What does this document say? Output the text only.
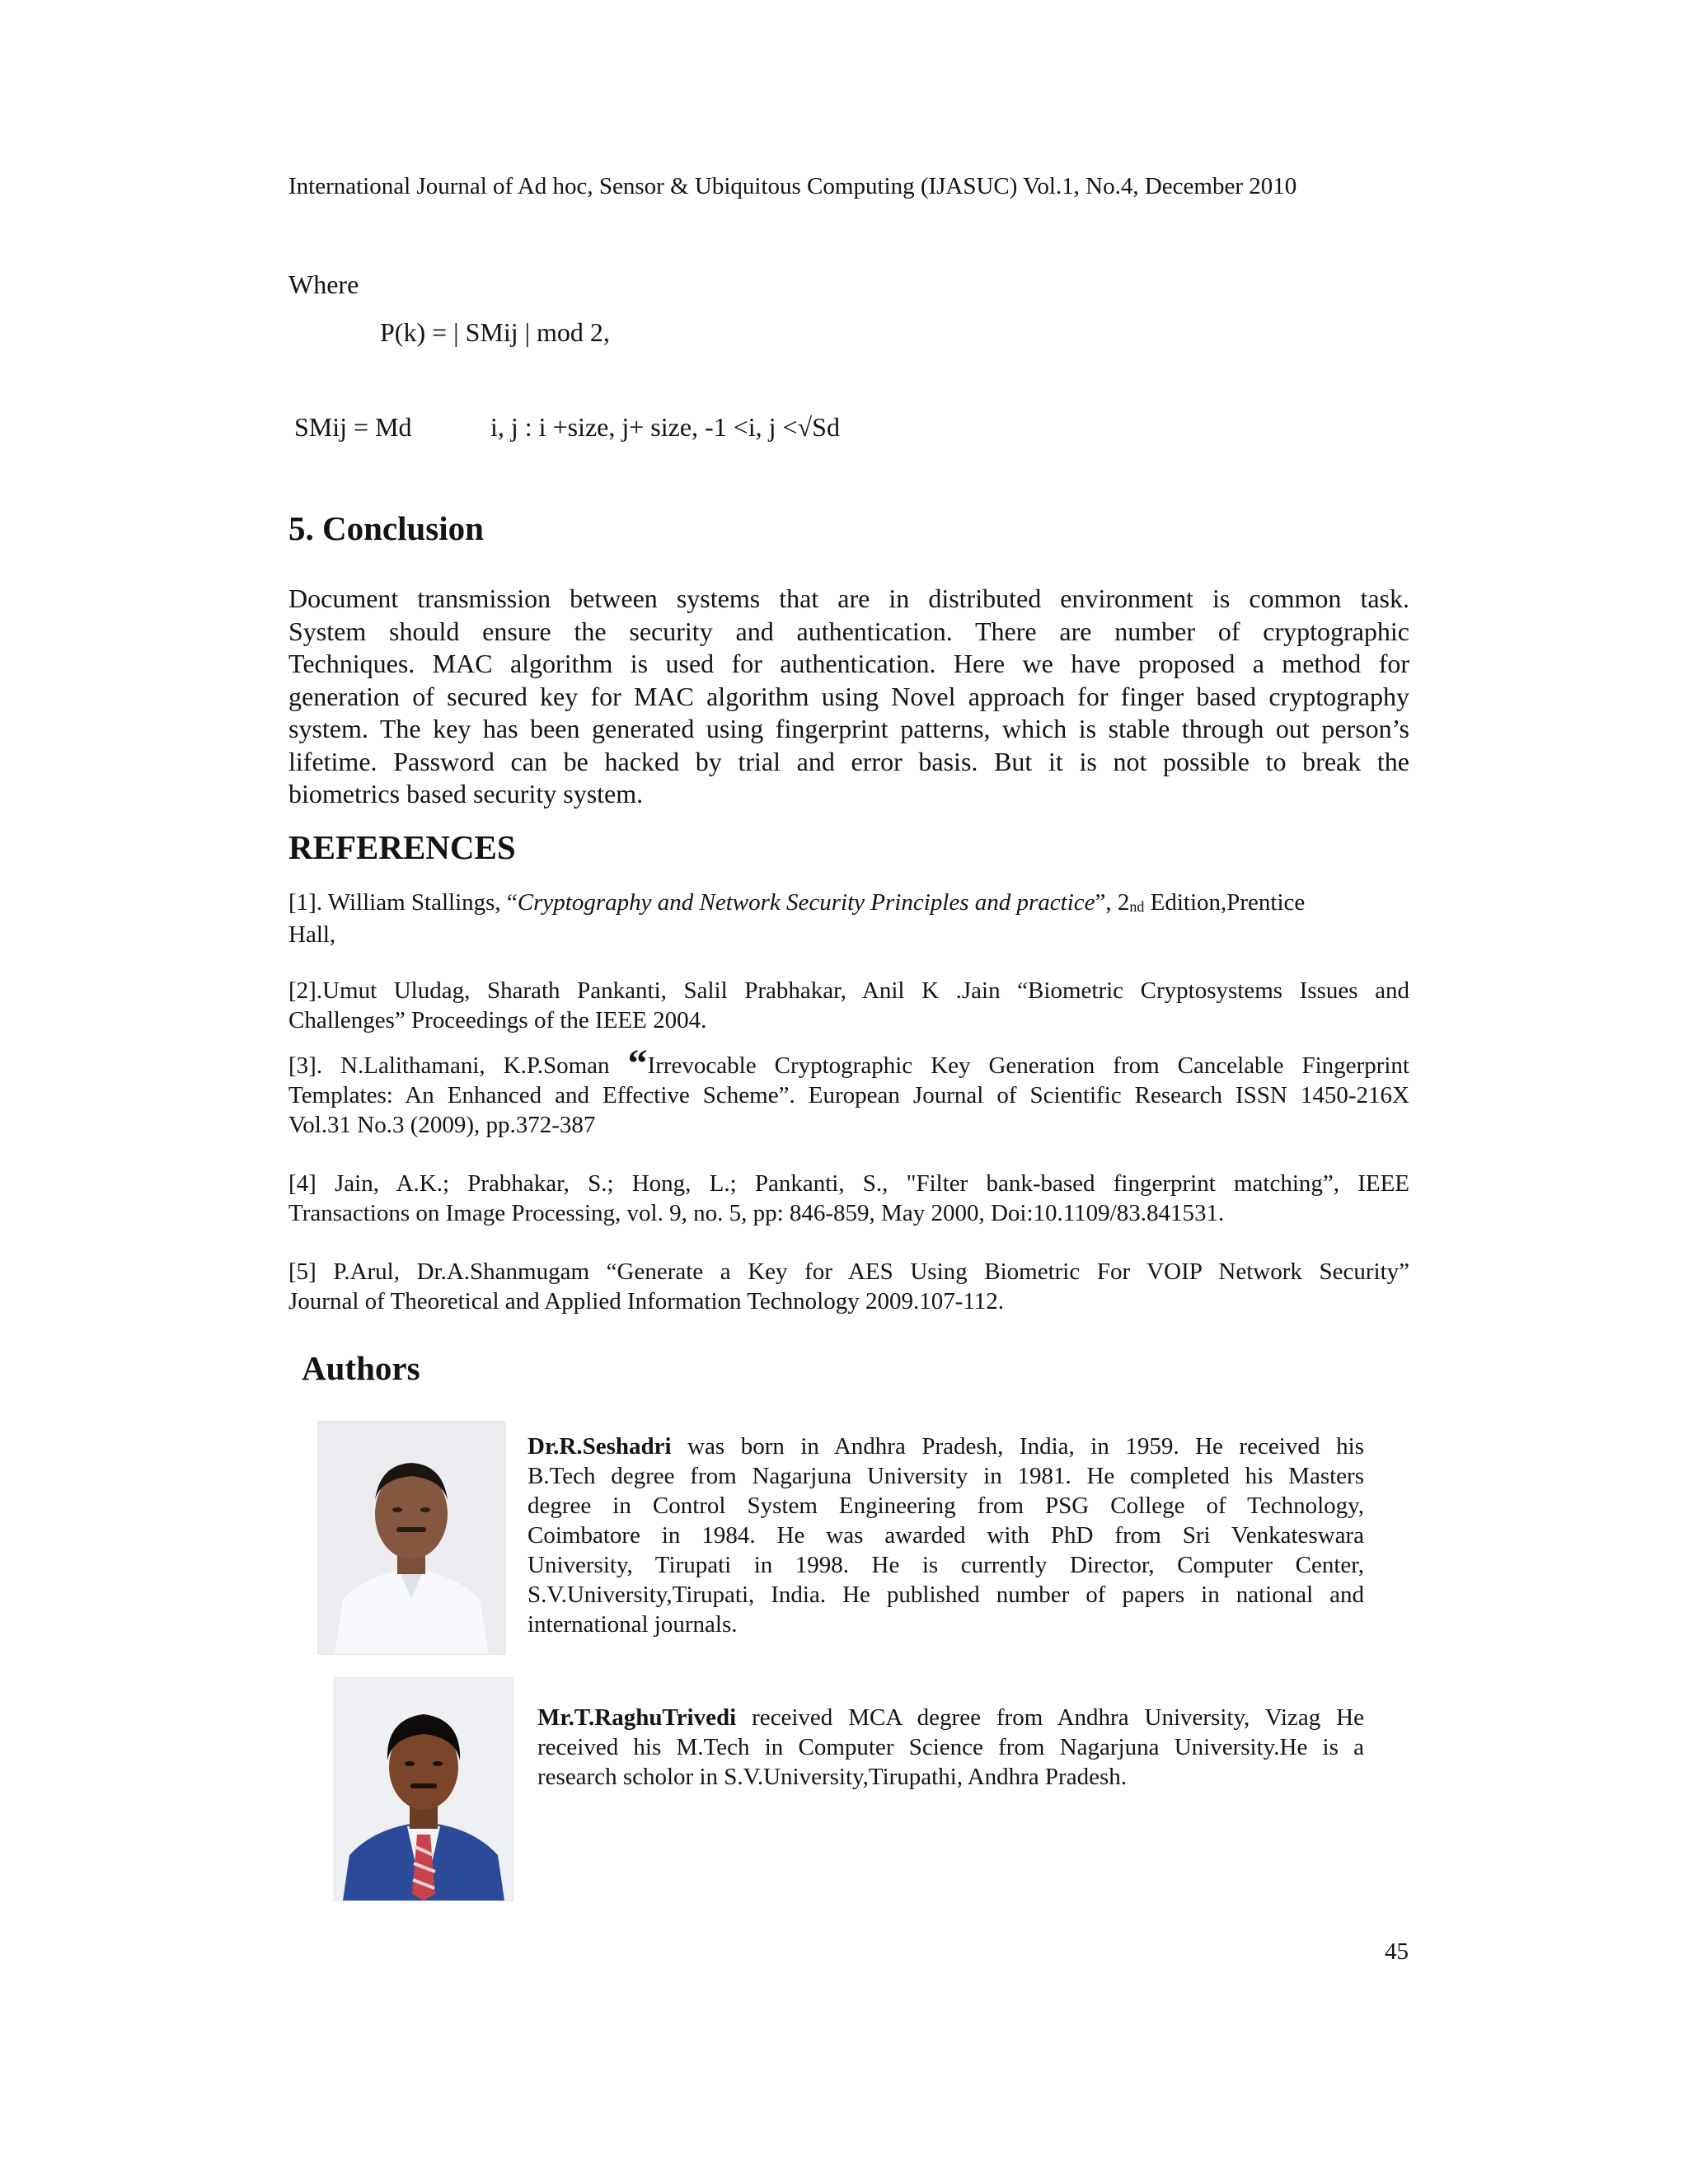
International Journal of Ad hoc, Sensor & Ubiquitous Computing (IJASUC) Vol.1, No.4, December 2010
Where
P(k) = | SMij | mod 2,
SMij = Md	i, j : i +size, j+ size, -1 <i, j <√Sd
5. Conclusion
Document transmission between systems that are in distributed environment is common task.
System should ensure the security and authentication. There are number of cryptographic
Techniques. MAC algorithm is used for authentication. Here we have proposed a method for
generation of secured key for MAC algorithm using Novel approach for finger based cryptography
system. The key has been generated using fingerprint patterns, which is stable through out person’s
lifetime. Password can be hacked by trial and error basis. But it is not possible to break the
biometrics based security system.
REFERENCES
[1]. William Stallings, “Cryptography and Network Security Principles and practice”, $2_{nd}$ Edition,Prentice
Hall,
[2].Umut Uludag, Sharath Pankanti, Salil Prabhakar, Anil K .Jain “Biometric Cryptosystems Issues and
Challenges” Proceedings of the IEEE 2004.
[3]. N.Lalithamani, K.P.Soman “Irrevocable Cryptographic Key Generation from Cancelable Fingerprint
Templates: An Enhanced and Effective Scheme”. European Journal of Scientific Research ISSN 1450-216X
Vol.31 No.3 (2009), pp.372-387
[4] Jain, A.K.; Prabhakar, S.; Hong, L.; Pankanti, S., "Filter bank-based fingerprint matching”, IEEE
Transactions on Image Processing, vol. 9, no. 5, pp: 846-859, May 2000, Doi:10.1109/83.841531.
[5] P.Arul, Dr.A.Shanmugam “Generate a Key for AES Using Biometric For VOIP Network Security”
Journal of Theoretical and Applied Information Technology 2009.107-112.
Authors
Dr.R.Seshadri was born in Andhra Pradesh, India, in 1959. He received his
B.Tech degree from Nagarjuna University in 1981. He completed his Masters
degree in Control System Engineering from PSG College of Technology,
Coimbatore in 1984. He was awarded with PhD from Sri Venkateswara
University, Tirupati in 1998. He is currently Director, Computer Center,
S.V.University,Tirupati, India. He published number of papers in national and
international journals.
Mr.T.RaghuTrivedi received MCA degree from Andhra University, Vizag He
received his M.Tech in Computer Science from Nagarjuna University.He is a
research scholor in S.V.University,Tirupathi, Andhra Pradesh.
45
